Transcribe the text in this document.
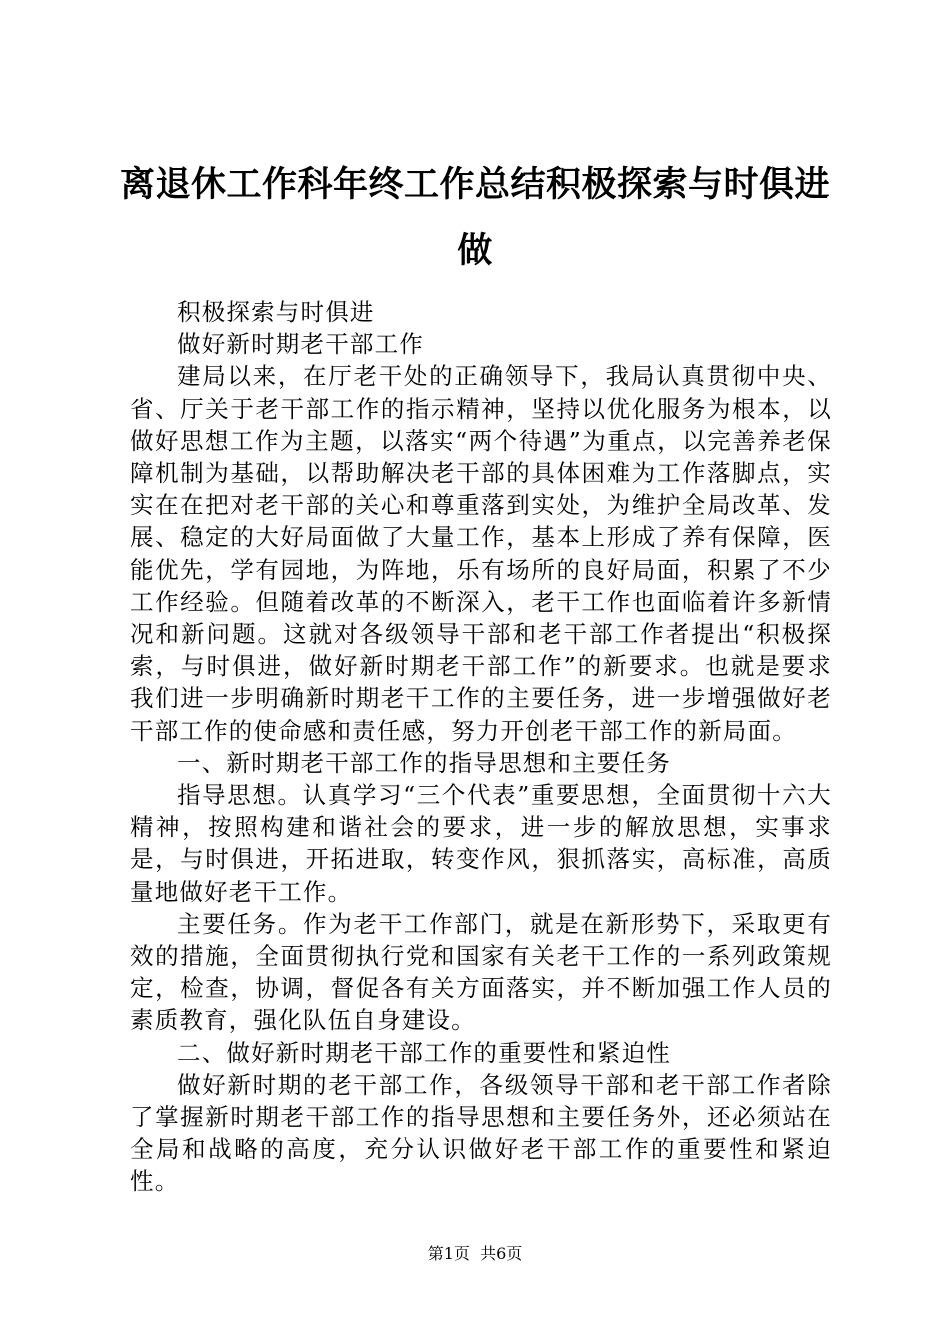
离退休工作科年终工作总结积极探索与时俱进
做

积极探索与时俱进

做好新时期老干部工作

建局以来，在厅老干处的正确领导下，我局认真贯彻中央、省、厅关于老干部工作的指示精神，坚持以优化服务为根本，以做好思想工作为主题，以落实“两个待遇”为重点，以完善养老保障机制为基础，以帮助解决老干部的具体困难为工作落脚点，实实在在把对老干部的关心和尊重落到实处，为维护全局改革、发展、稳定的大好局面做了大量工作，基本上形成了养有保障，医能优先，学有园地，为阵地，乐有场所的良好局面，积累了不少工作经验。但随着改革的不断深入，老干工作也面临着许多新情况和新问题。这就对各级领导干部和老干部工作者提出“积极探索，与时俱进，做好新时期老干部工作”的新要求。也就是要求我们进一步明确新时期老干工作的主要任务，进一步增强做好老干部工作的使命感和责任感，努力开创老干部工作的新局面。

一、新时期老干部工作的指导思想和主要任务

指导思想。认真学习“三个代表”重要思想，全面贯彻十六大精神，按照构建和谐社会的要求，进一步的解放思想，实事求是，与时俱进，开拓进取，转变作风，狠抓落实，高标准，高质量地做好老干工作。

主要任务。作为老干工作部门，就是在新形势下，采取更有效的措施，全面贯彻执行党和国家有关老干工作的一系列政策规定，检查，协调，督促各有关方面落实，并不断加强工作人员的素质教育，强化队伍自身建设。

二、做好新时期老干部工作的重要性和紧迫性

做好新时期的老干部工作，各级领导干部和老干部工作者除了掌握新时期老干部工作的指导思想和主要任务外，还必须站在全局和战略的高度，充分认识做好老干部工作的重要性和紧迫性。

第1页 共6页
